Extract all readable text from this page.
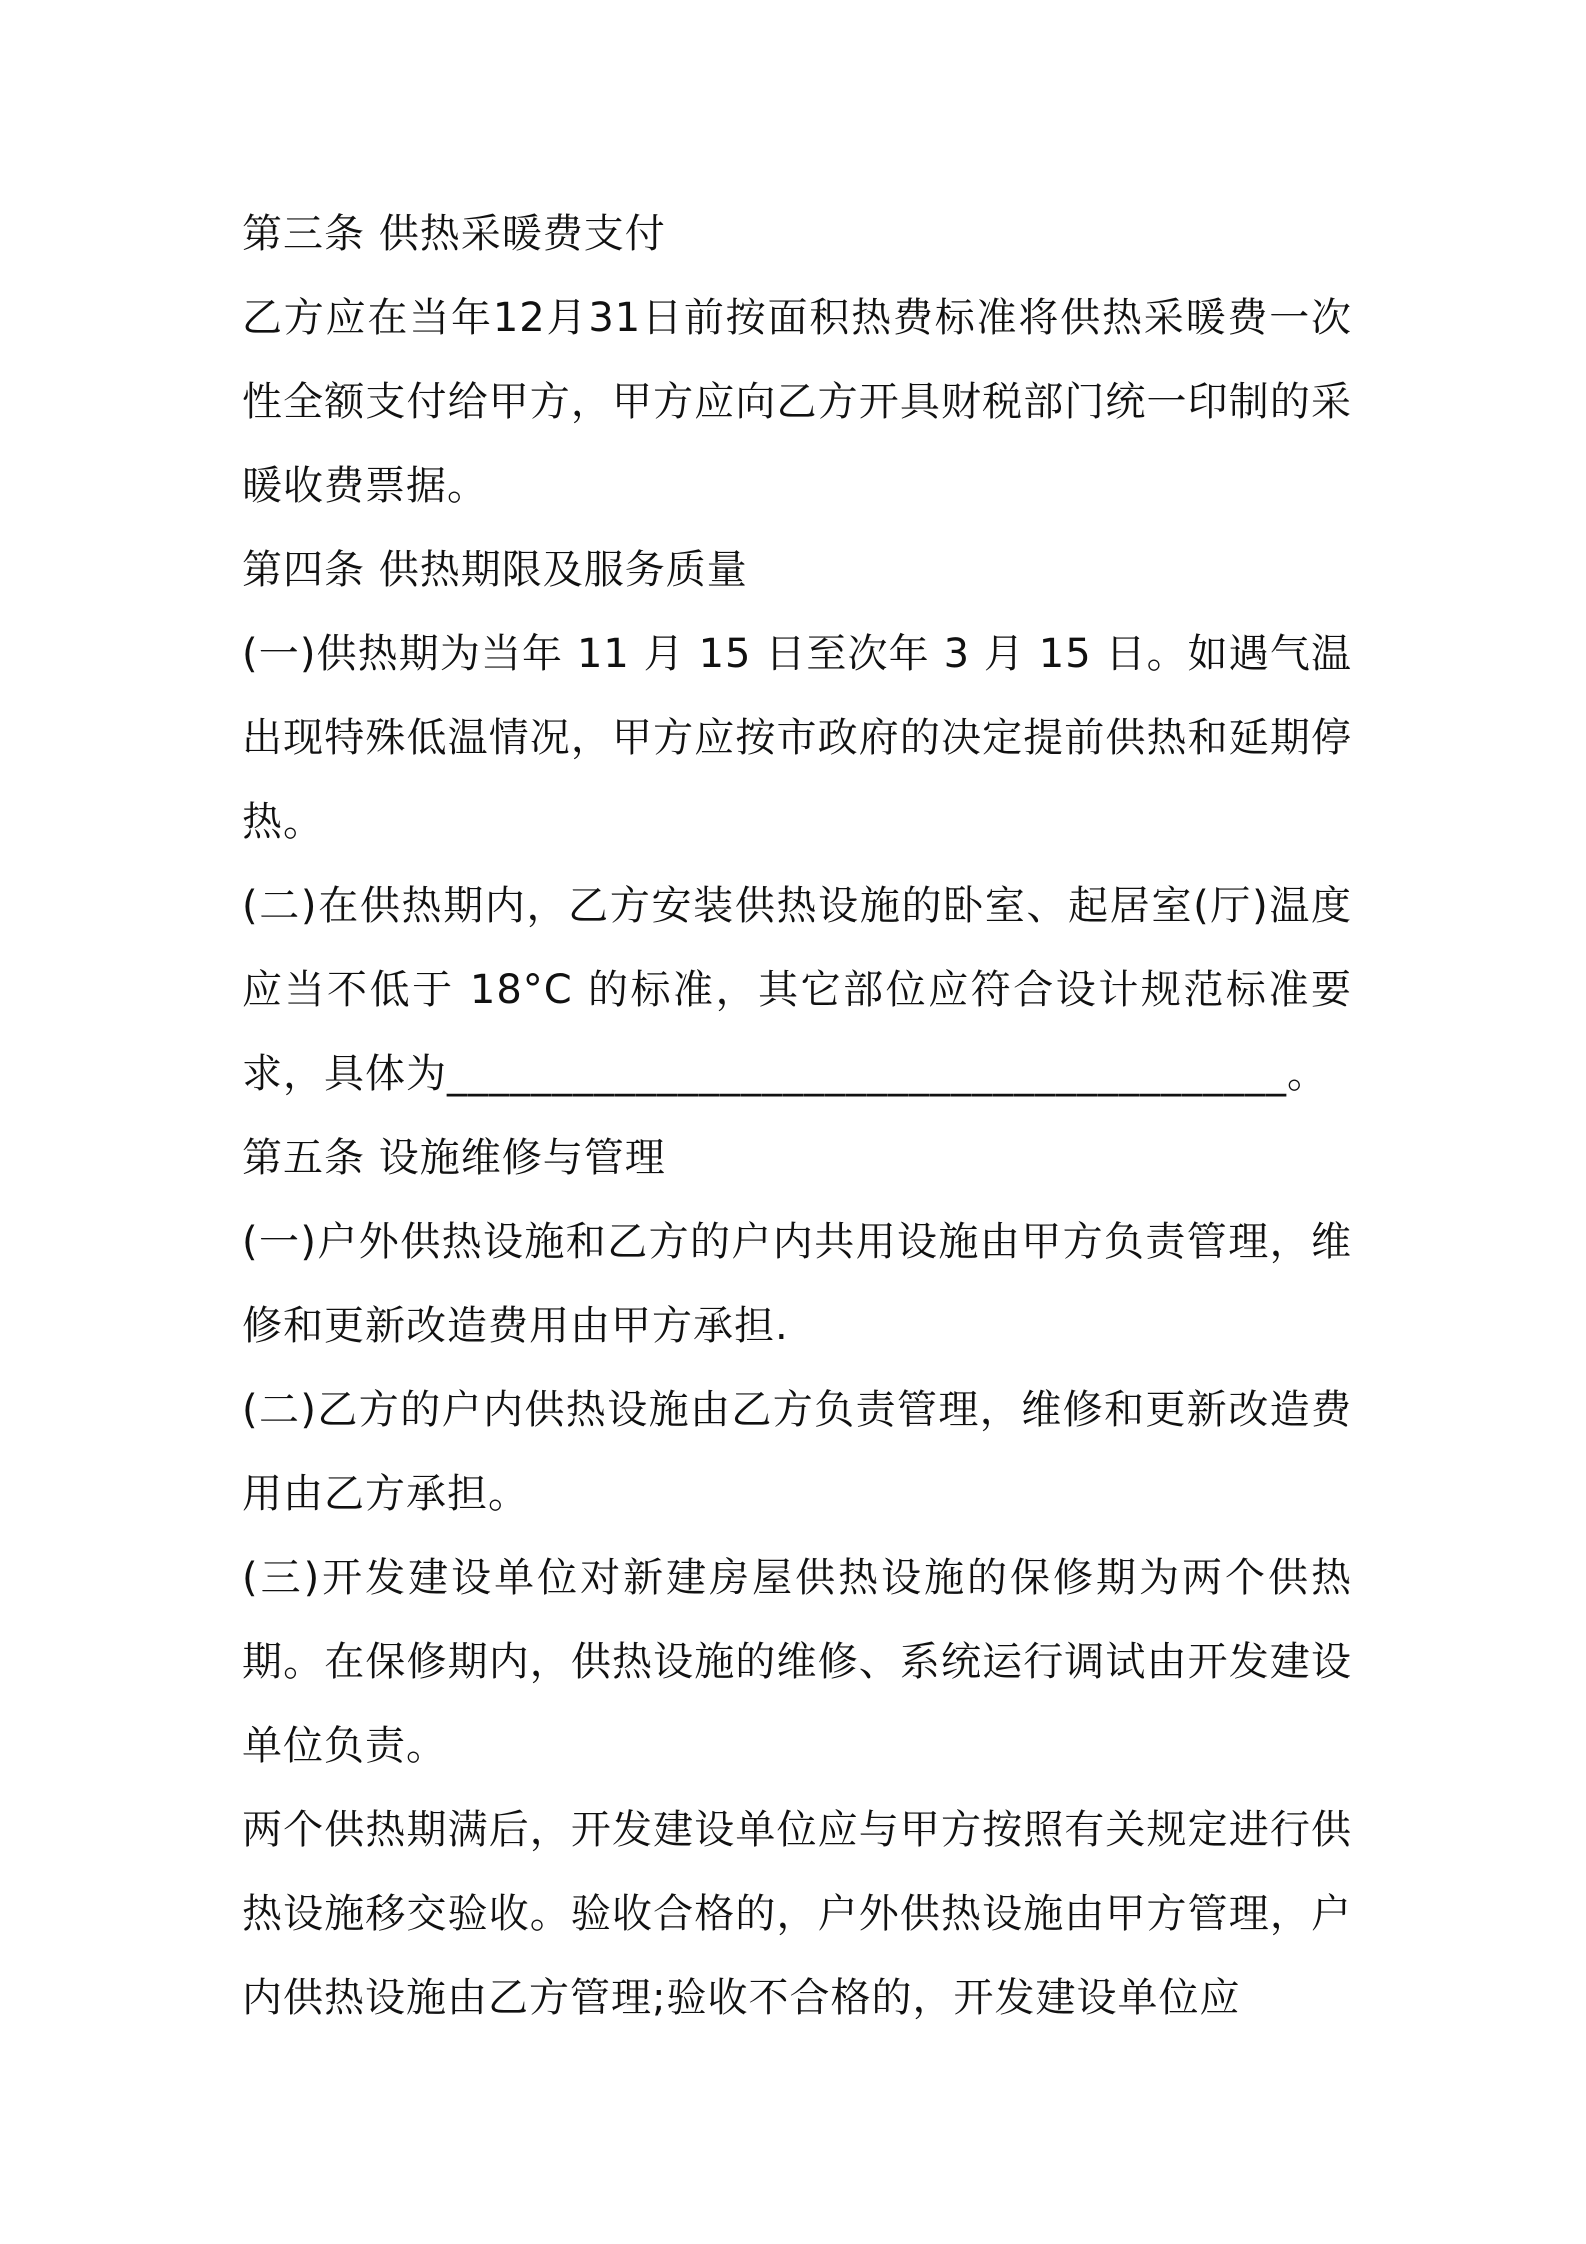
第三条 供热采暖费支付

乙方应在当年12月31日前按面积热费标准将供热采暖费一次性全额支付给甲方，甲方应向乙方开具财税部门统一印制的采暖收费票据。

第四条 供热期限及服务质量

(一)供热期为当年 11 月 15 日至次年 3 月 15 日。如遇气温出现特殊低温情况，甲方应按市政府的决定提前供热和延期停热。

(二)在供热期内，乙方安装供热设施的卧室、起居室(厅)温度应当不低于 18°C 的标准，其它部位应符合设计规范标准要求，具体为________________________________________。

第五条 设施维修与管理

(一)户外供热设施和乙方的户内共用设施由甲方负责管理，维修和更新改造费用由甲方承担.

(二)乙方的户内供热设施由乙方负责管理，维修和更新改造费用由乙方承担。

(三)开发建设单位对新建房屋供热设施的保修期为两个供热期。在保修期内，供热设施的维修、系统运行调试由开发建设单位负责。

两个供热期满后，开发建设单位应与甲方按照有关规定进行供热设施移交验收。验收合格的，户外供热设施由甲方管理，户内供热设施由乙方管理;验收不合格的，开发建设单位应
